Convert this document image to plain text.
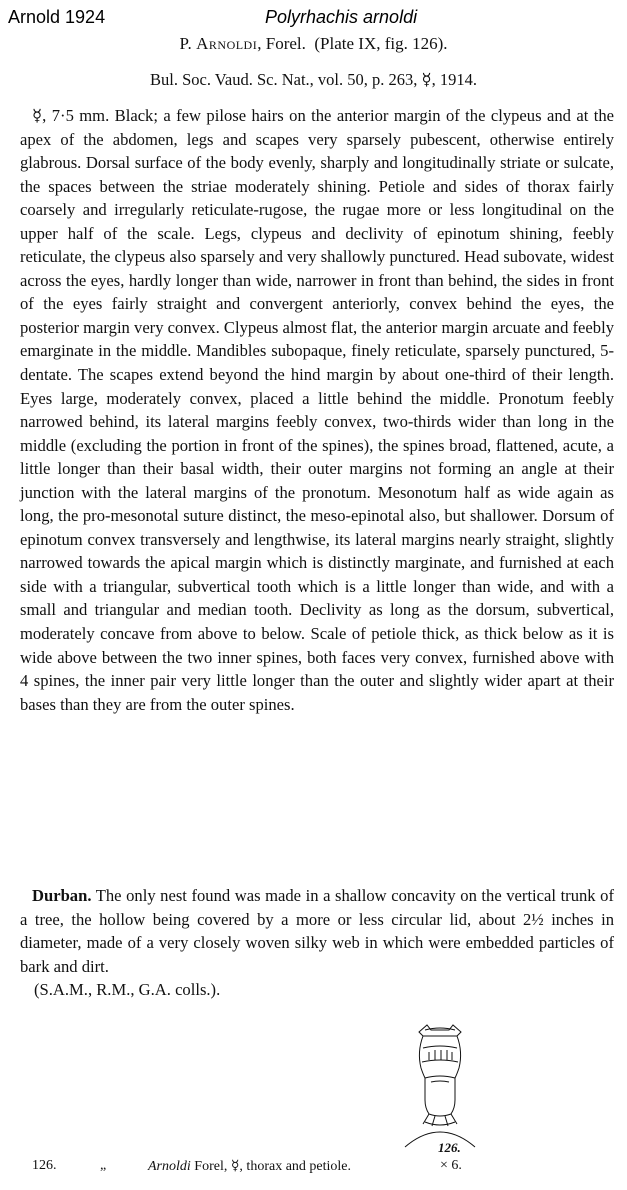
Arnold 1924	Polyrhachis arnoldi
P. Arnoldi, Forel. (Plate IX, fig. 126).
Bul. Soc. Vaud. Sc. Nat., vol. 50, p. 263, ☿, 1914.

☿, 7·5 mm. Black; a few pilose hairs on the anterior margin of the clypeus and at the apex of the abdomen, legs and scapes very sparsely pubescent, otherwise entirely glabrous. Dorsal surface of the body evenly, sharply and longitudinally striate or sulcate, the spaces between the striae moderately shining. Petiole and sides of thorax fairly coarsely and irregularly reticulate-rugose, the rugae more or less longitudinal on the upper half of the scale. Legs, clypeus and declivity of epinotum shining, feebly reticulate, the clypeus also sparsely and very shallowly punctured. Head subovate, widest across the eyes, hardly longer than wide, narrower in front than behind, the sides in front of the eyes fairly straight and convergent anteriorly, convex behind the eyes, the posterior margin very convex. Clypeus almost flat, the anterior margin arcuate and feebly emarginate in the middle. Mandibles subopaque, finely reticulate, sparsely punctured, 5-dentate. The scapes extend beyond the hind margin by about one-third of their length. Eyes large, moderately convex, placed a little behind the middle. Pronotum feebly narrowed behind, its lateral margins feebly convex, two-thirds wider than long in the middle (excluding the portion in front of the spines), the spines broad, flattened, acute, a little longer than their basal width, their outer margins not forming an angle at their junction with the lateral margins of the pronotum. Mesonotum half as wide again as long, the pro-mesonotal suture distinct, the meso-epinotal also, but shallower. Dorsum of epinotum convex transversely and lengthwise, its lateral margins nearly straight, slightly narrowed towards the apical margin which is distinctly marginate, and furnished at each side with a triangular, subvertical tooth which is a little longer than wide, and with a small and triangular and median tooth. Declivity as long as the dorsum, subvertical, moderately concave from above to below. Scale of petiole thick, as thick below as it is wide above between the two inner spines, both faces very convex, furnished above with 4 spines, the inner pair very little longer than the outer and slightly wider apart at their bases than they are from the outer spines.

Durban. The only nest found was made in a shallow concavity on the vertical trunk of a tree, the hollow being covered by a more or less circular lid, about 2½ inches in diameter, made of a very closely woven silky web in which were embedded particles of bark and dirt.
(S.A.M., R.M., G.A. colls.).

126.
126.	„	Arnoldi Forel, ☿, thorax and petiole.	× 6.
